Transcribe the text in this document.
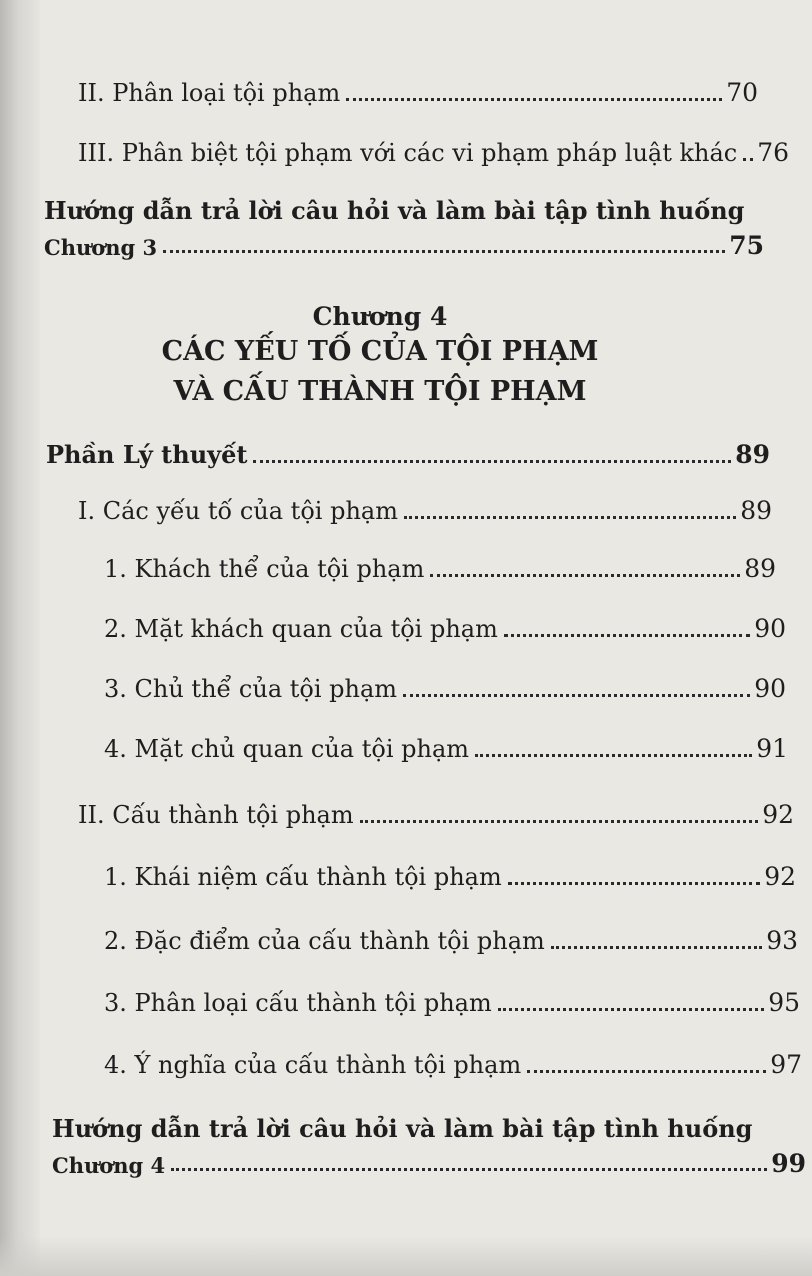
II. Phân loại tội phạm	70
III. Phân biệt tội phạm với các vi phạm pháp luật khác 76
Hướng dẫn trả lời câu hỏi và làm bài tập tình huống
Chương 3	75
Chương 4
CÁC YẾU TỐ CỦA TỘI PHẠM
VÀ CẤU THÀNH TỘI PHẠM
Phần Lý thuyết	89
I. Các yếu tố của tội phạm	89
1. Khách thể của tội phạm	89
2. Mặt khách quan của tội phạm	90
3. Chủ thể của tội phạm	90
4. Mặt chủ quan của tội phạm	91
II. Cấu thành tội phạm	92
1. Khái niệm cấu thành tội phạm	92
2. Đặc điểm của cấu thành tội phạm	93
3. Phân loại cấu thành tội phạm	95
4. Ý nghĩa của cấu thành tội phạm	97
Hướng dẫn trả lời câu hỏi và làm bài tập tình huống
Chương 4	99
